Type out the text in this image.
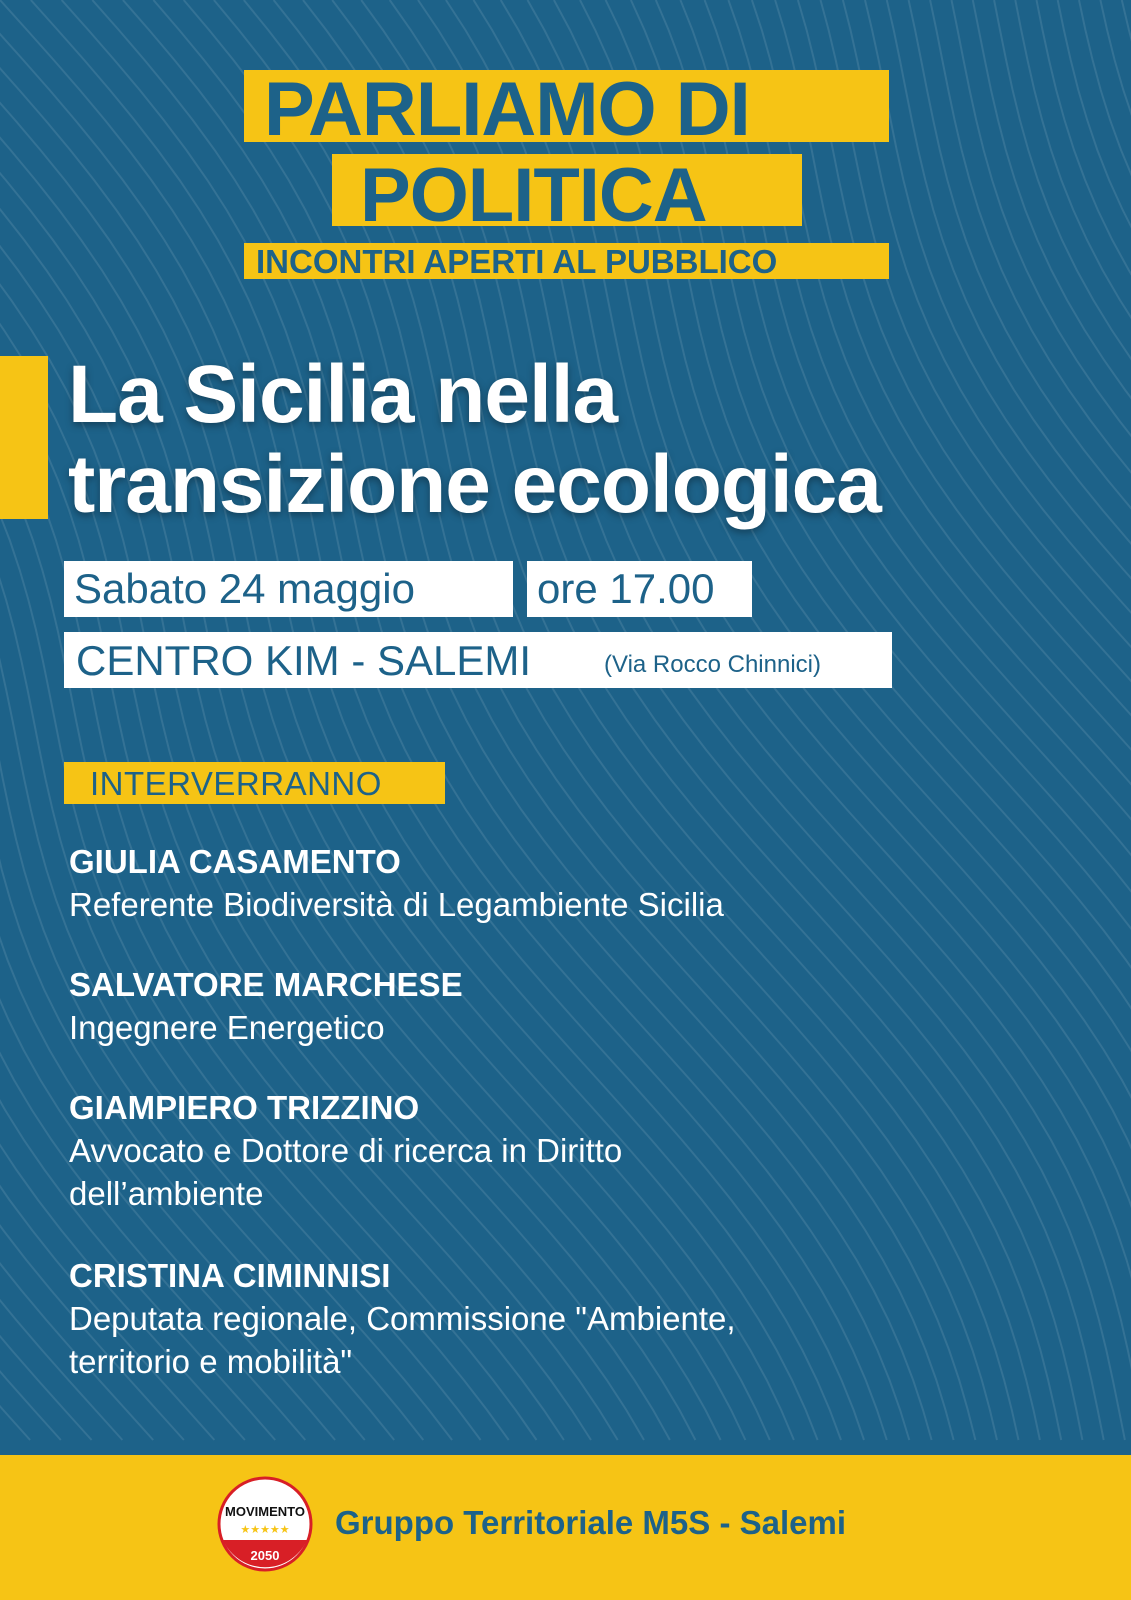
PARLIAMO DI
POLITICA
INCONTRI APERTI AL PUBBLICO
La Sicilia nella
transizione ecologica
Sabato 24 maggio	ore 17.00
CENTRO KIM - SALEMI	(Via Rocco Chinnici)
INTERVERRANNO
GIULIA CASAMENTO
Referente Biodiversità di Legambiente Sicilia
SALVATORE MARCHESE
Ingegnere Energetico
GIAMPIERO TRIZZINO
Avvocato e Dottore di ricerca in Diritto
dell’ambiente
CRISTINA CIMINNISI
Deputata regionale, Commissione "Ambiente,
territorio e mobilità"
MOVIMENTO
★★★★★
2050
Gruppo Territoriale M5S - Salemi
